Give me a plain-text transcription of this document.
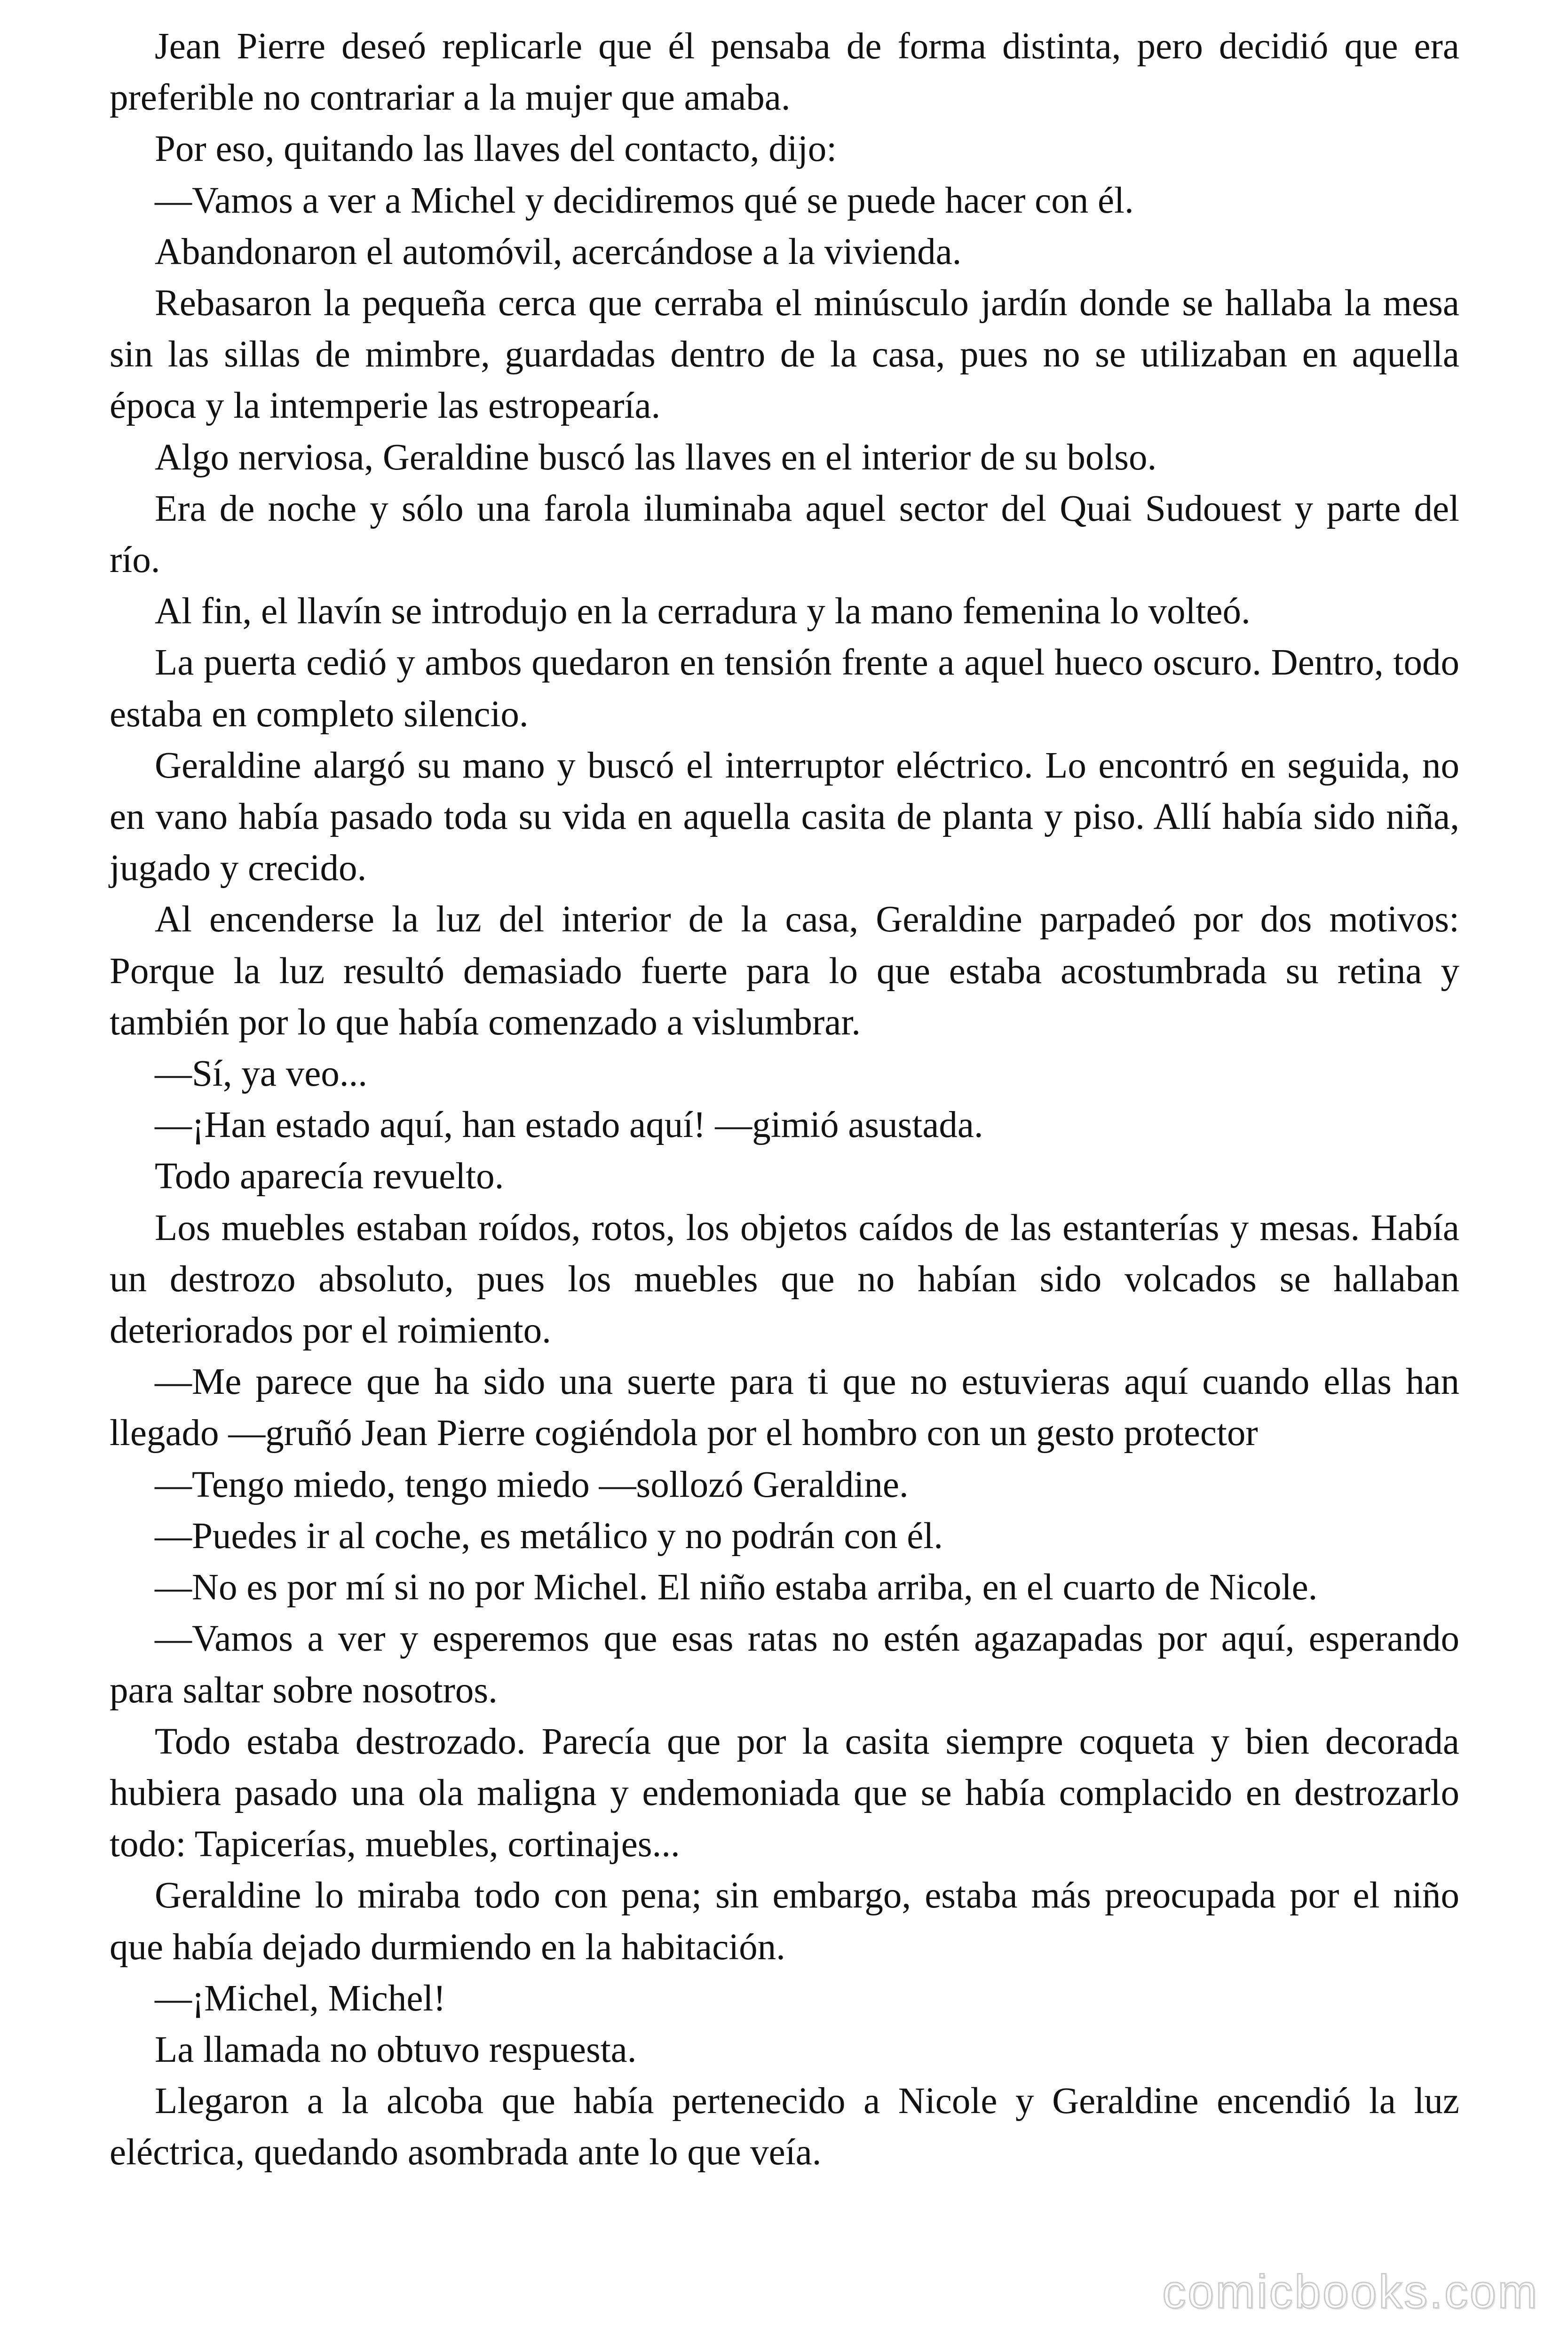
Jean Pierre deseó replicarle que él pensaba de forma distinta, pero decidió que era preferible no contrariar a la mujer que amaba.

Por eso, quitando las llaves del contacto, dijo:

—Vamos a ver a Michel y decidiremos qué se puede hacer con él.

Abandonaron el automóvil, acercándose a la vivienda.

Rebasaron la pequeña cerca que cerraba el minúsculo jardín donde se hallaba la mesa sin las sillas de mimbre, guardadas dentro de la casa, pues no se utilizaban en aquella época y la intemperie las estropearía.

Algo nerviosa, Geraldine buscó las llaves en el interior de su bolso.

Era de noche y sólo una farola iluminaba aquel sector del Quai Sudouest y parte del río.

Al fin, el llavín se introdujo en la cerradura y la mano femenina lo volteó.

La puerta cedió y ambos quedaron en tensión frente a aquel hueco oscuro. Dentro, todo estaba en completo silencio.

Geraldine alargó su mano y buscó el interruptor eléctrico. Lo encontró en seguida, no en vano había pasado toda su vida en aquella casita de planta y piso. Allí había sido niña, jugado y crecido.

Al encenderse la luz del interior de la casa, Geraldine parpadeó por dos motivos: Porque la luz resultó demasiado fuerte para lo que estaba acostumbrada su retina y también por lo que había comenzado a vislumbrar.

—Sí, ya veo...

—¡Han estado aquí, han estado aquí! —gimió asustada.

Todo aparecía revuelto.

Los muebles estaban roídos, rotos, los objetos caídos de las estanterías y mesas. Había un destrozo absoluto, pues los muebles que no habían sido volcados se hallaban deteriorados por el roimiento.

—Me parece que ha sido una suerte para ti que no estuvieras aquí cuando ellas han llegado —gruñó Jean Pierre cogiéndola por el hombro con un gesto protector

—Tengo miedo, tengo miedo —sollozó Geraldine.

—Puedes ir al coche, es metálico y no podrán con él.

—No es por mí si no por Michel. El niño estaba arriba, en el cuarto de Nicole.

—Vamos a ver y esperemos que esas ratas no estén agazapadas por aquí, esperando para saltar sobre nosotros.

Todo estaba destrozado. Parecía que por la casita siempre coqueta y bien decorada hubiera pasado una ola maligna y endemoniada que se había complacido en destrozarlo todo: Tapicerías, muebles, cortinajes...

Geraldine lo miraba todo con pena; sin embargo, estaba más preocupada por el niño que había dejado durmiendo en la habitación.

—¡Michel, Michel!

La llamada no obtuvo respuesta.

Llegaron a la alcoba que había pertenecido a Nicole y Geraldine encendió la luz eléctrica, quedando asombrada ante lo que veía.

comicbooks.com
